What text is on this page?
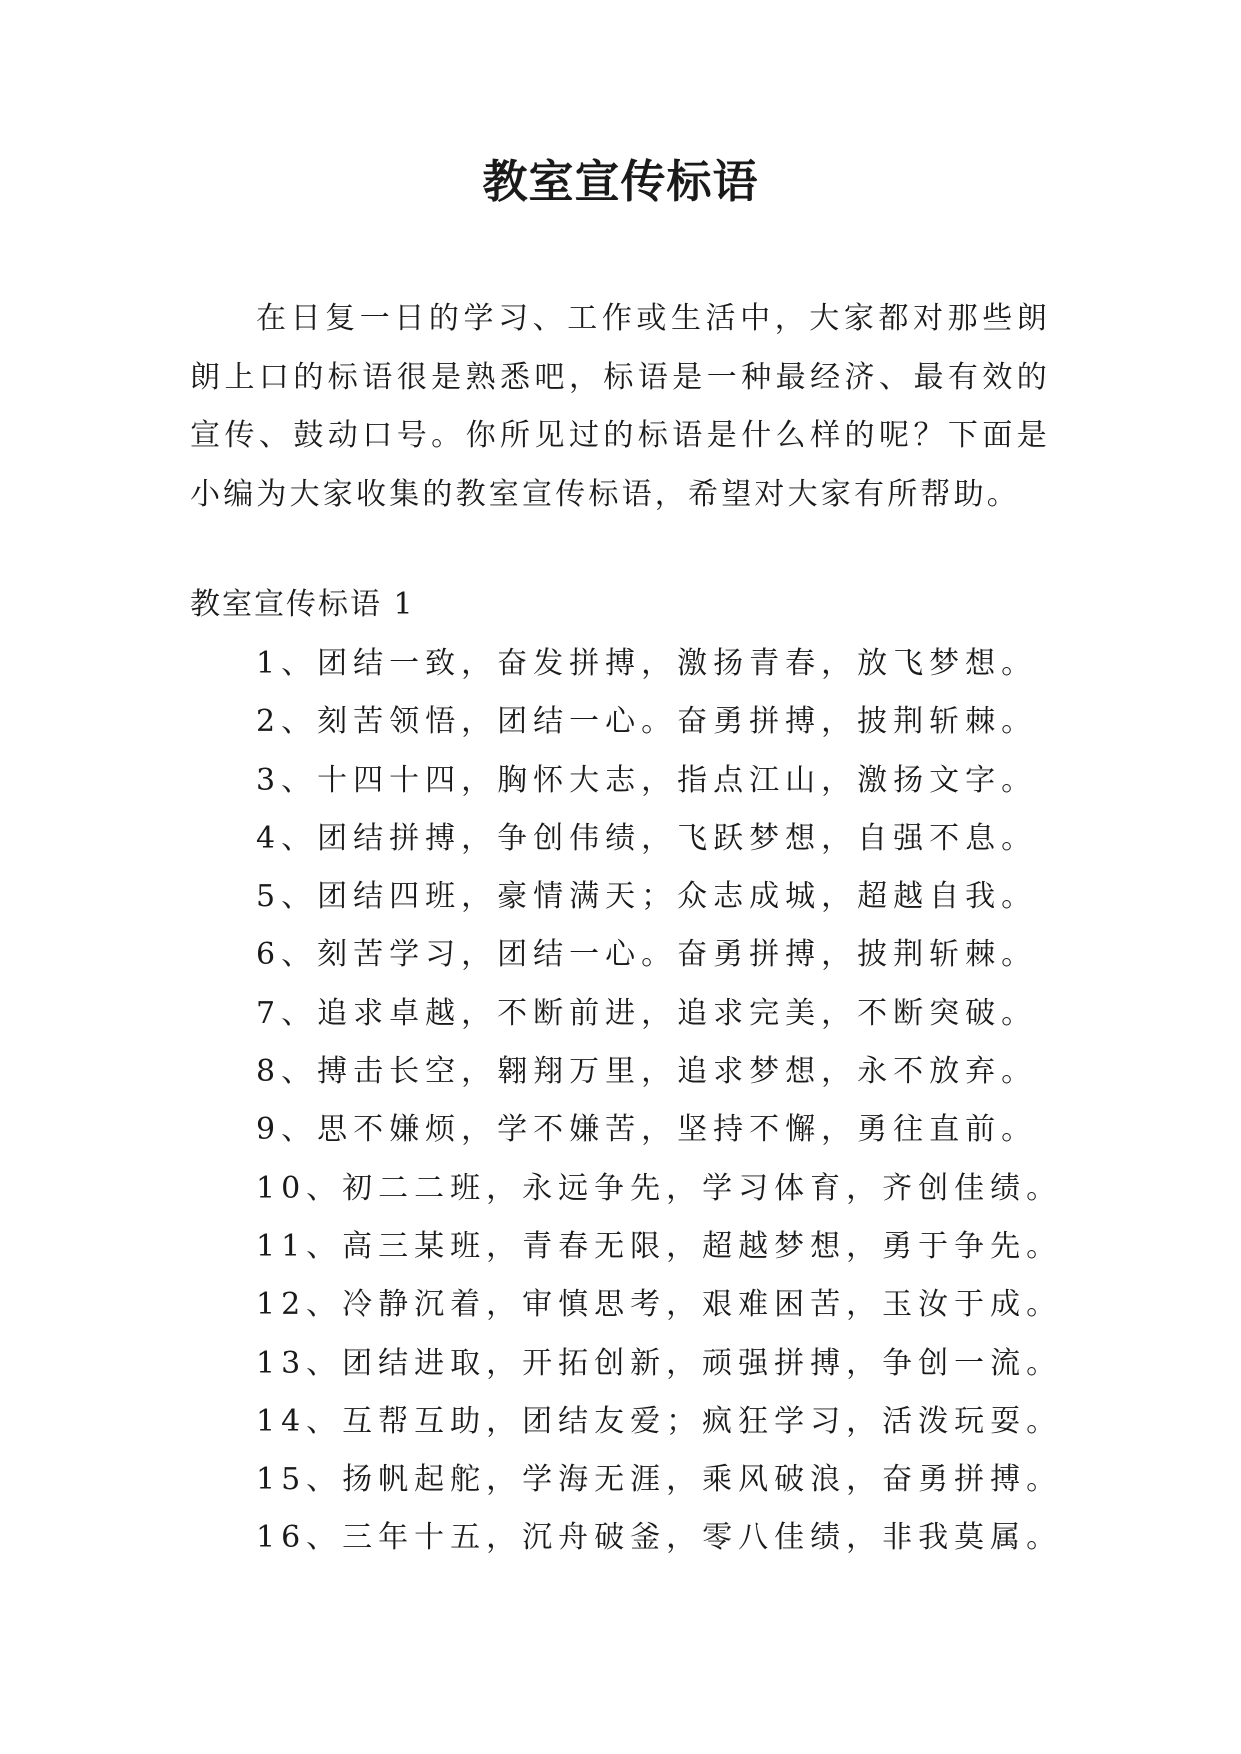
教室宣传标语

在日复一日的学习、工作或生活中，大家都对那些朗朗上口的标语很是熟悉吧，标语是一种最经济、最有效的宣传、鼓动口号。你所见过的标语是什么样的呢？下面是小编为大家收集的教室宣传标语，希望对大家有所帮助。

教室宣传标语 1

1、团结一致，奋发拼搏，激扬青春，放飞梦想。
2、刻苦领悟，团结一心。奋勇拼搏，披荆斩棘。
3、十四十四，胸怀大志，指点江山，激扬文字。
4、团结拼搏，争创伟绩，飞跃梦想，自强不息。
5、团结四班，豪情满天；众志成城，超越自我。
6、刻苦学习，团结一心。奋勇拼搏，披荆斩棘。
7、追求卓越，不断前进，追求完美，不断突破。
8、搏击长空，翱翔万里，追求梦想，永不放弃。
9、思不嫌烦，学不嫌苦，坚持不懈，勇往直前。
10、初二二班，永远争先，学习体育，齐创佳绩。
11、高三某班，青春无限，超越梦想，勇于争先。
12、冷静沉着，审慎思考，艰难困苦，玉汝于成。
13、团结进取，开拓创新，顽强拼搏，争创一流。
14、互帮互助，团结友爱；疯狂学习，活泼玩耍。
15、扬帆起舵，学海无涯，乘风破浪，奋勇拼搏。
16、三年十五，沉舟破釜，零八佳绩，非我莫属。
